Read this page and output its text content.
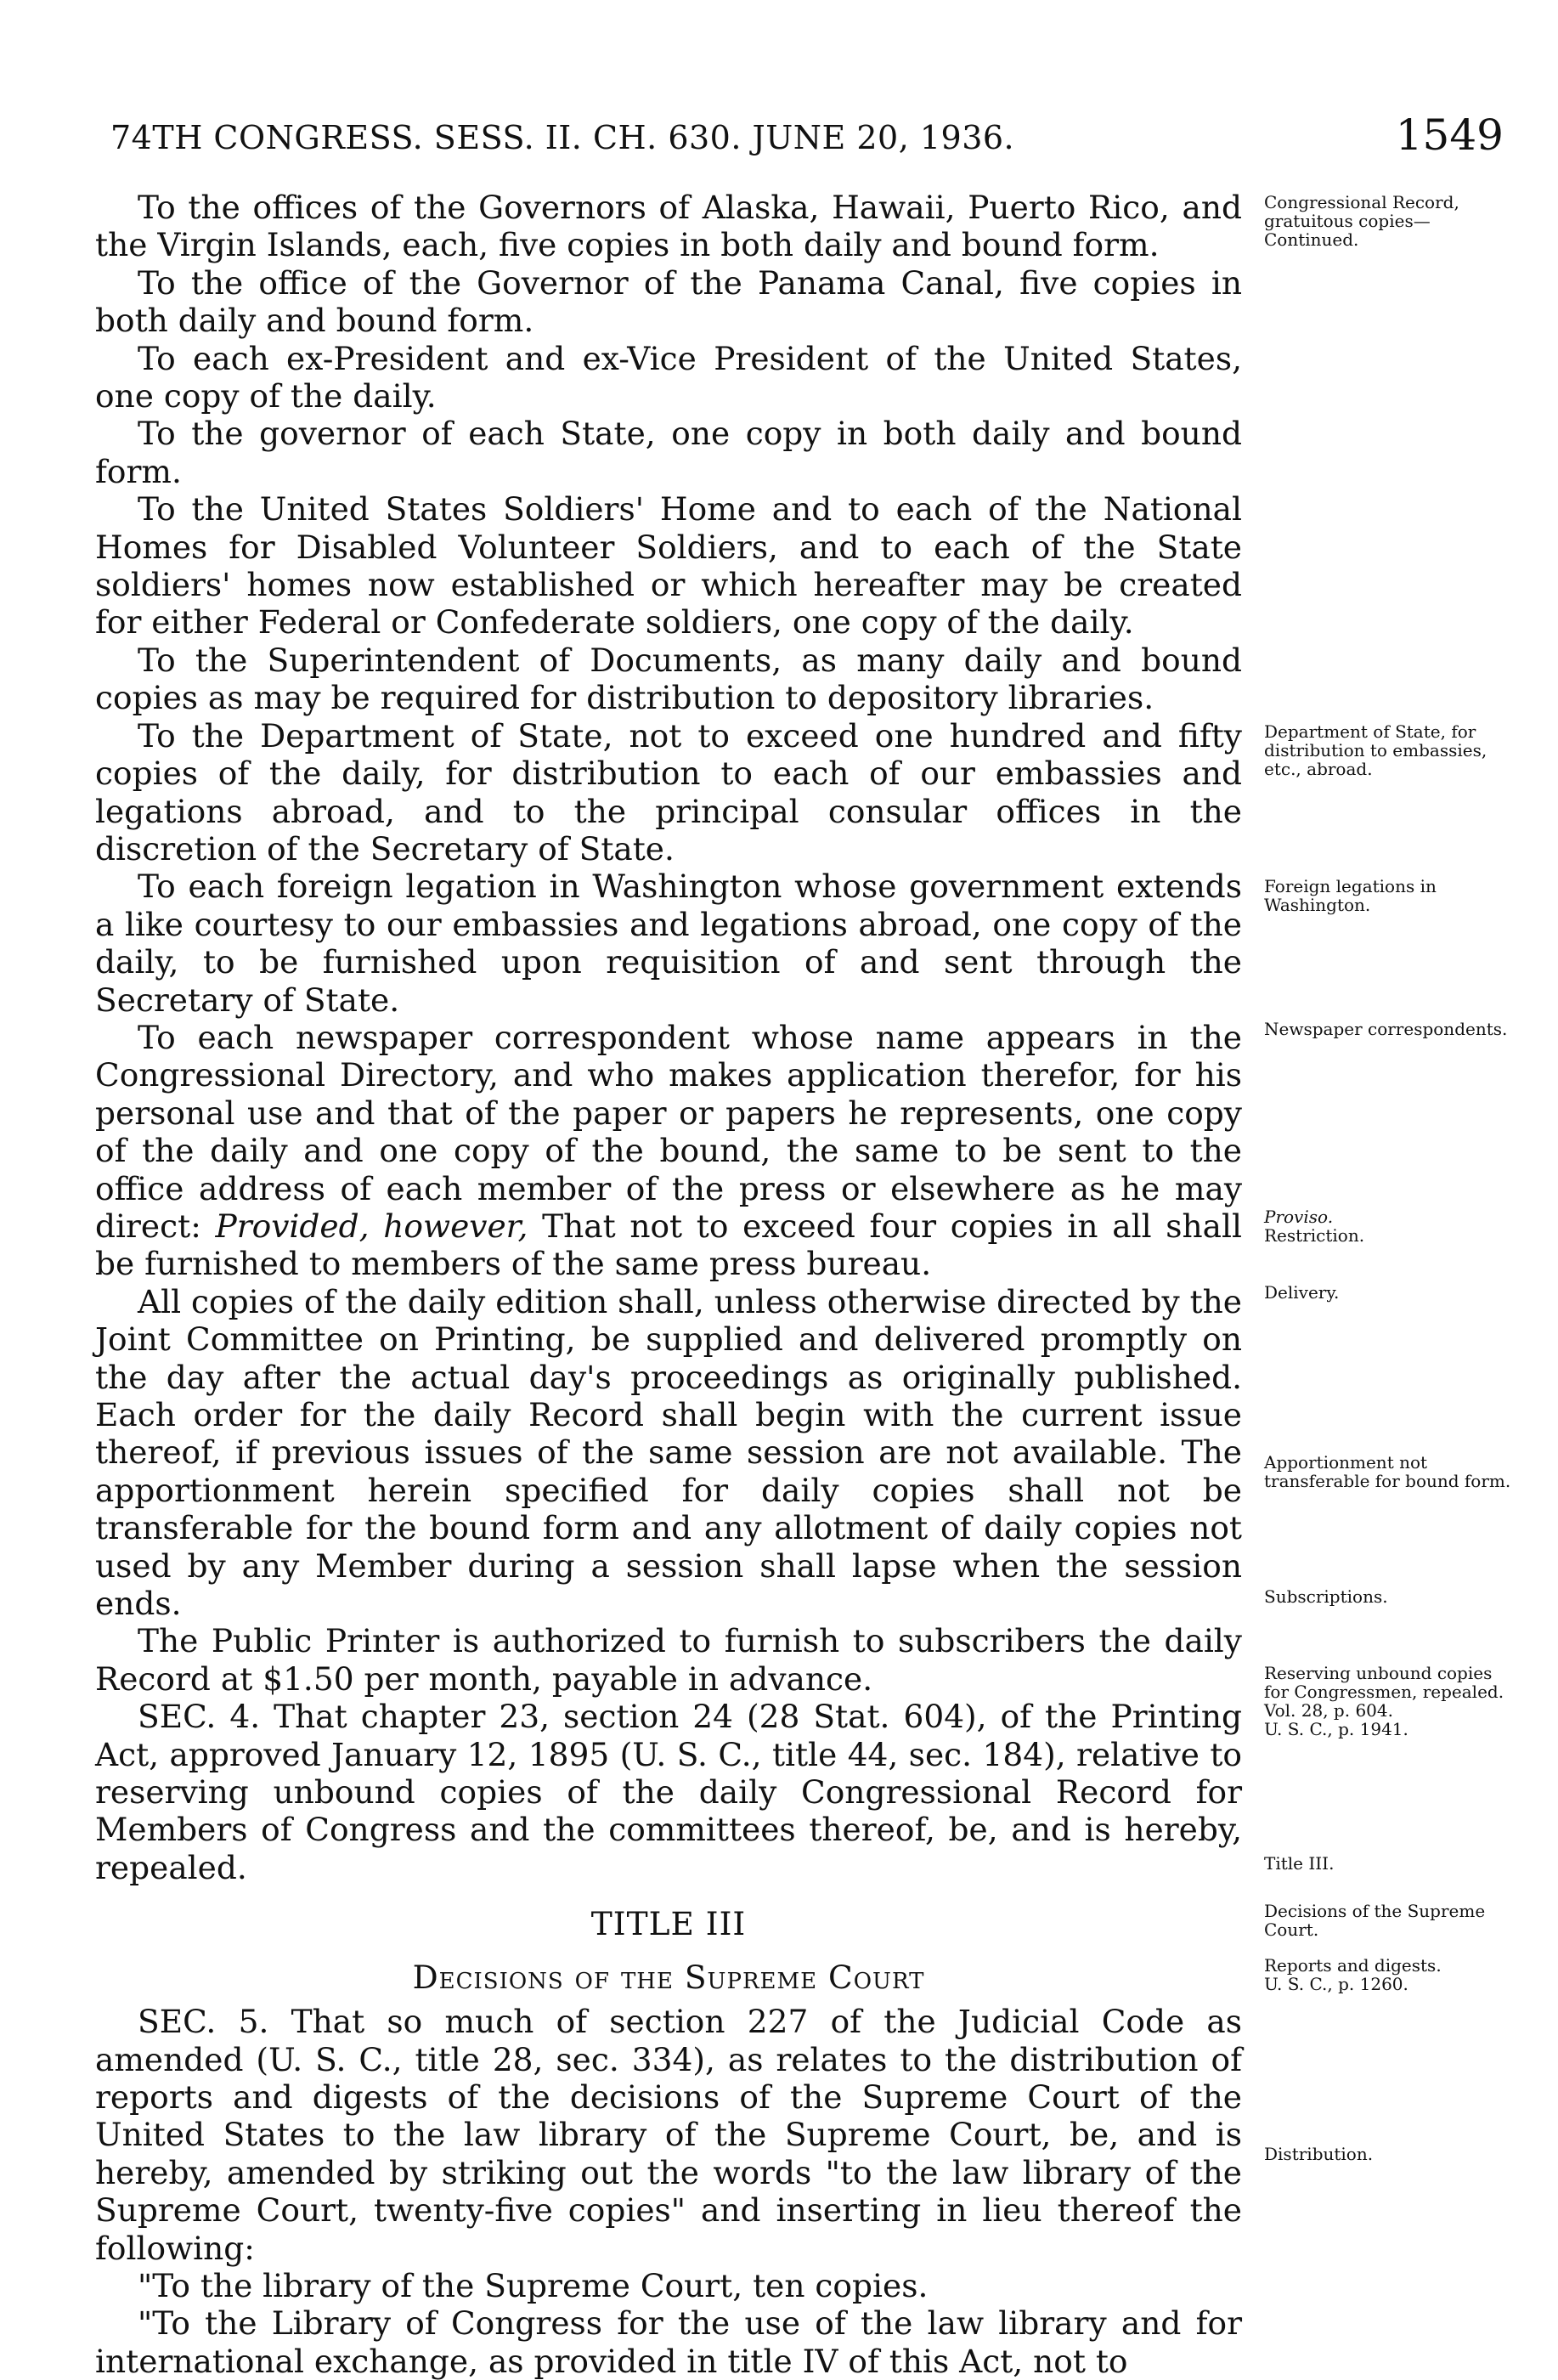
74TH CONGRESS. SESS. II. CH. 630. JUNE 20, 1936.	1549

To the offices of the Governors of Alaska, Hawaii, Puerto Rico, and the Virgin Islands, each, five copies in both daily and bound form.

To the office of the Governor of the Panama Canal, five copies in both daily and bound form.

To each ex-President and ex-Vice President of the United States, one copy of the daily.

To the governor of each State, one copy in both daily and bound form.

To the United States Soldiers' Home and to each of the National Homes for Disabled Volunteer Soldiers, and to each of the State soldiers' homes now established or which hereafter may be created for either Federal or Confederate soldiers, one copy of the daily.

To the Superintendent of Documents, as many daily and bound copies as may be required for distribution to depository libraries.

To the Department of State, not to exceed one hundred and fifty copies of the daily, for distribution to each of our embassies and legations abroad, and to the principal consular offices in the discretion of the Secretary of State.

To each foreign legation in Washington whose government extends a like courtesy to our embassies and legations abroad, one copy of the daily, to be furnished upon requisition of and sent through the Secretary of State.

To each newspaper correspondent whose name appears in the Congressional Directory, and who makes application therefor, for his personal use and that of the paper or papers he represents, one copy of the daily and one copy of the bound, the same to be sent to the office address of each member of the press or elsewhere as he may direct: Provided, however, That not to exceed four copies in all shall be furnished to members of the same press bureau.

All copies of the daily edition shall, unless otherwise directed by the Joint Committee on Printing, be supplied and delivered promptly on the day after the actual day's proceedings as originally published. Each order for the daily Record shall begin with the current issue thereof, if previous issues of the same session are not available. The apportionment herein specified for daily copies shall not be transferable for the bound form and any allotment of daily copies not used by any Member during a session shall lapse when the session ends.

The Public Printer is authorized to furnish to subscribers the daily Record at $1.50 per month, payable in advance.

SEC. 4. That chapter 23, section 24 (28 Stat. 604), of the Printing Act, approved January 12, 1895 (U. S. C., title 44, sec. 184), relative to reserving unbound copies of the daily Congressional Record for Members of Congress and the committees thereof, be, and is hereby, repealed.

TITLE III
Decisions of the Supreme Court

SEC. 5. That so much of section 227 of the Judicial Code as amended (U. S. C., title 28, sec. 334), as relates to the distribution of reports and digests of the decisions of the Supreme Court of the United States to the law library of the Supreme Court, be, and is hereby, amended by striking out the words "to the law library of the Supreme Court, twenty-five copies" and inserting in lieu thereof the following:

"To the library of the Supreme Court, ten copies.

"To the Library of Congress for the use of the law library and for international exchange, as provided in title IV of this Act, not to

Congressional Record, gratuitous copies—Continued.
Department of State, for distribution to embassies, etc., abroad.
Foreign legations in Washington.
Newspaper correspondents.
Proviso.
Restriction.
Delivery.
Apportionment not transferable for bound form.
Subscriptions.
Reserving unbound copies for Congressmen, repealed.
Vol. 28, p. 604.
U. S. C., p. 1941.
Title III.
Decisions of the Supreme Court.
Reports and digests.
U. S. C., p. 1260.
Distribution.
